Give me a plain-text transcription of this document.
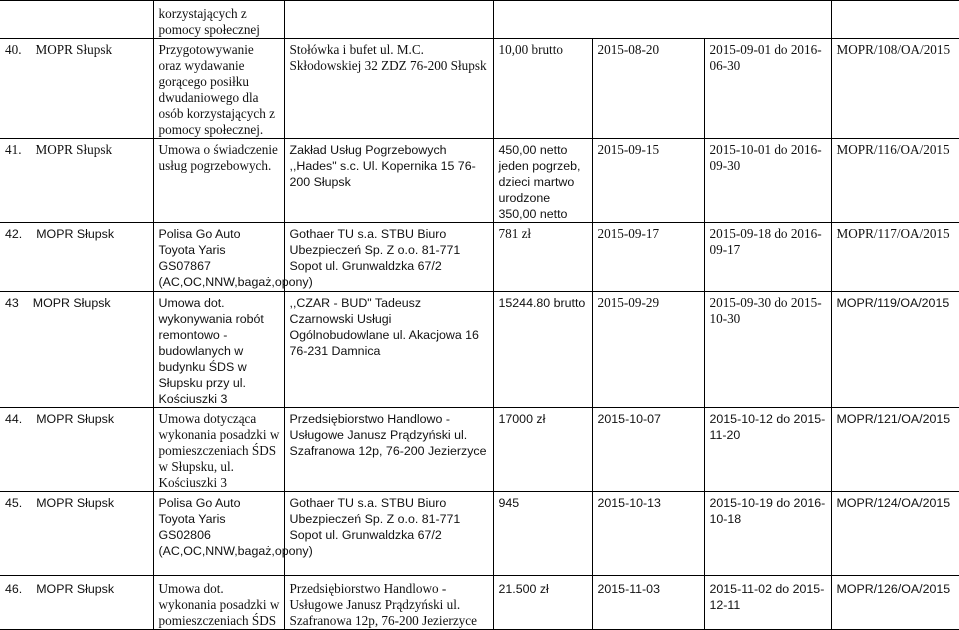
	korzystających z pomocy społecznej					
40. MOPR Słupsk	Przygotowywanie oraz wydawanie gorącego posiłku dwudaniowego dla osób korzystających z pomocy społecznej.	Stołówka i bufet ul. M.C. Skłodowskiej 32 ZDZ 76-200 Słupsk	10,00 brutto	2015-08-20	2015-09-01 do 2016-06-30	MOPR/108/OA/2015
41. MOPR Słupsk	Umowa o świadczenie usług pogrzebowych.	Zakład Usług Pogrzebowych ,,Hades" s.c. Ul. Kopernika 15 76-200 Słupsk	450,00 netto jeden pogrzeb, dzieci martwo urodzone 350,00 netto	2015-09-15	2015-10-01 do 2016-09-30	MOPR/116/OA/2015
42. MOPR Słupsk	Polisa Go Auto Toyota Yaris GS07867 (AC,OC,NNW,bagaż,opony)	Gothaer TU s.a. STBU Biuro Ubezpieczeń Sp. Z o.o. 81-771 Sopot ul. Grunwaldzka 67/2	781 zł	2015-09-17	2015-09-18 do 2016-09-17	MOPR/117/OA/2015
43 MOPR Słupsk	Umowa dot. wykonywania robót remontowo - budowlanych w budynku ŚDS w Słupsku przy ul. Kościuszki 3	,,CZAR - BUD" Tadeusz Czarnowski Usługi Ogólnobudowlane ul. Akacjowa 16 76-231 Damnica	15244.80 brutto	2015-09-29	2015-09-30 do 2015-10-30	MOPR/119/OA/2015
44. MOPR Słupsk	Umowa dotycząca wykonania posadzki w pomieszczeniach ŚDS w Słupsku, ul. Kościuszki 3	Przedsiębiorstwo Handlowo - Usługowe Janusz Prądzyński ul. Szafranowa 12p, 76-200 Jezierzyce	17000 zł	2015-10-07	2015-10-12 do 2015-11-20	MOPR/121/OA/2015
45. MOPR Słupsk	Polisa Go Auto Toyota Yaris GS02806 (AC,OC,NNW,bagaż,opony)	Gothaer TU s.a. STBU Biuro Ubezpieczeń Sp. Z o.o. 81-771 Sopot ul. Grunwaldzka 67/2	945	2015-10-13	2015-10-19 do 2016-10-18	MOPR/124/OA/2015
46. MOPR Słupsk	Umowa dot. wykonania posadzki w pomieszczeniach ŚDS	Przedsiębiorstwo Handlowo - Usługowe Janusz Prądzyński ul. Szafranowa 12p, 76-200 Jezierzyce	21.500 zł	2015-11-03	2015-11-02 do 2015-12-11	MOPR/126/OA/2015
